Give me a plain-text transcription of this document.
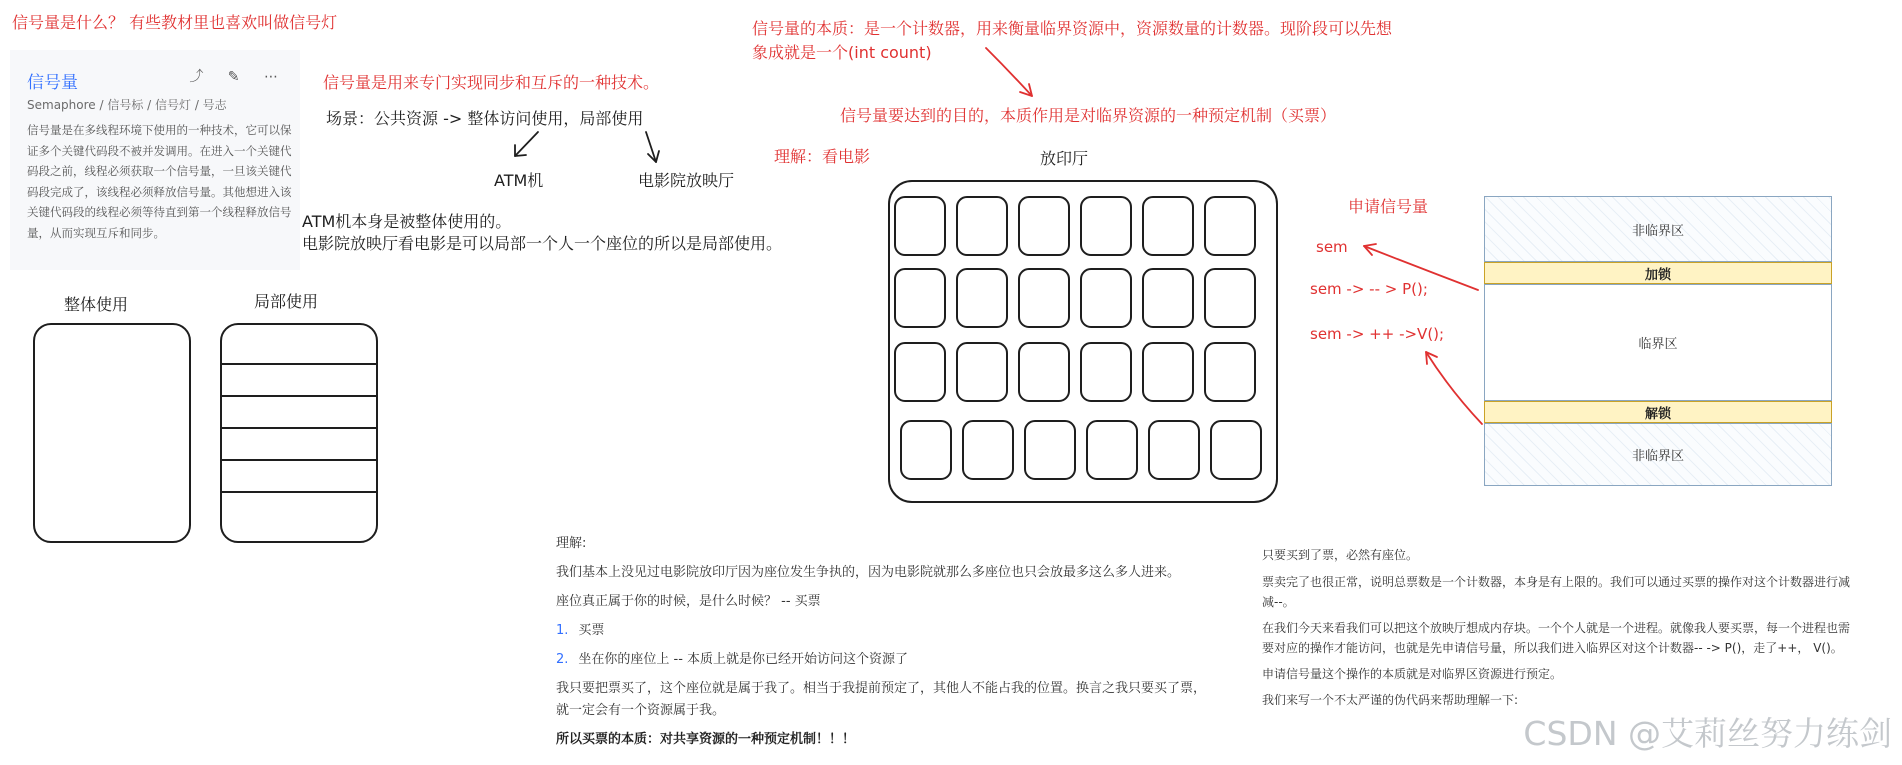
信号量是什么？ 有些教材里也喜欢叫做信号灯
信号量	⤴ ✎ ⋯
Semaphore / 信号标 / 信号灯 / 号志
信号量是在多线程环境下使用的一种技术，它可以保证多个关键代码段不被并发调用。在进入一个关键代码段之前，线程必须获取一个信号量，一旦该关键代码段完成了，该线程必须释放信号量。其他想进入该关键代码段的线程必须等待直到第一个线程释放信号量，从而实现互斥和同步。
信号量是用来专门实现同步和互斥的一种技术。
场景：公共资源 -> 整体访问使用，局部使用
ATM机	电影院放映厅
ATM机本身是被整体使用的。
电影院放映厅看电影是可以局部一个人一个座位的所以是局部使用。
整体使用	局部使用
信号量的本质：是一个计数器，用来衡量临界资源中，资源数量的计数器。现阶段可以先想
象成就是一个(int count)
信号量要达到的目的，本质作用是对临界资源的一种预定机制（买票）
理解：看电影	放印厅
申请信号量
sem
sem -> -- > P();
sem -> ++ ->V();
非临界区
加锁
临界区
解锁
非临界区
理解:
我们基本上没见过电影院放印厅因为座位发生争执的，因为电影院就那么多座位也只会放最多这么多人进来。
座位真正属于你的时候，是什么时候？ -- 买票
1. 买票
2. 坐在你的座位上 -- 本质上就是你已经开始访问这个资源了
我只要把票买了，这个座位就是属于我了。相当于我提前预定了，其他人不能占我的位置。换言之我只要买了票，
就一定会有一个资源属于我。
所以买票的本质：对共享资源的一种预定机制！！！
只要买到了票，必然有座位。
票卖完了也很正常，说明总票数是一个计数器，本身是有上限的。我们可以通过买票的操作对这个计数器进行减
减--。
在我们今天来看我们可以把这个放映厅想成内存块。一个个人就是一个进程。就像我人要买票，每一个进程也需
要对应的操作才能访问，也就是先申请信号量，所以我们进入临界区对这个计数器-- -> P()，走了++， V()。
申请信号量这个操作的本质就是对临界区资源进行预定。
我们来写一个不太严谨的伪代码来帮助理解一下:
CSDN @艾莉丝努力练剑
